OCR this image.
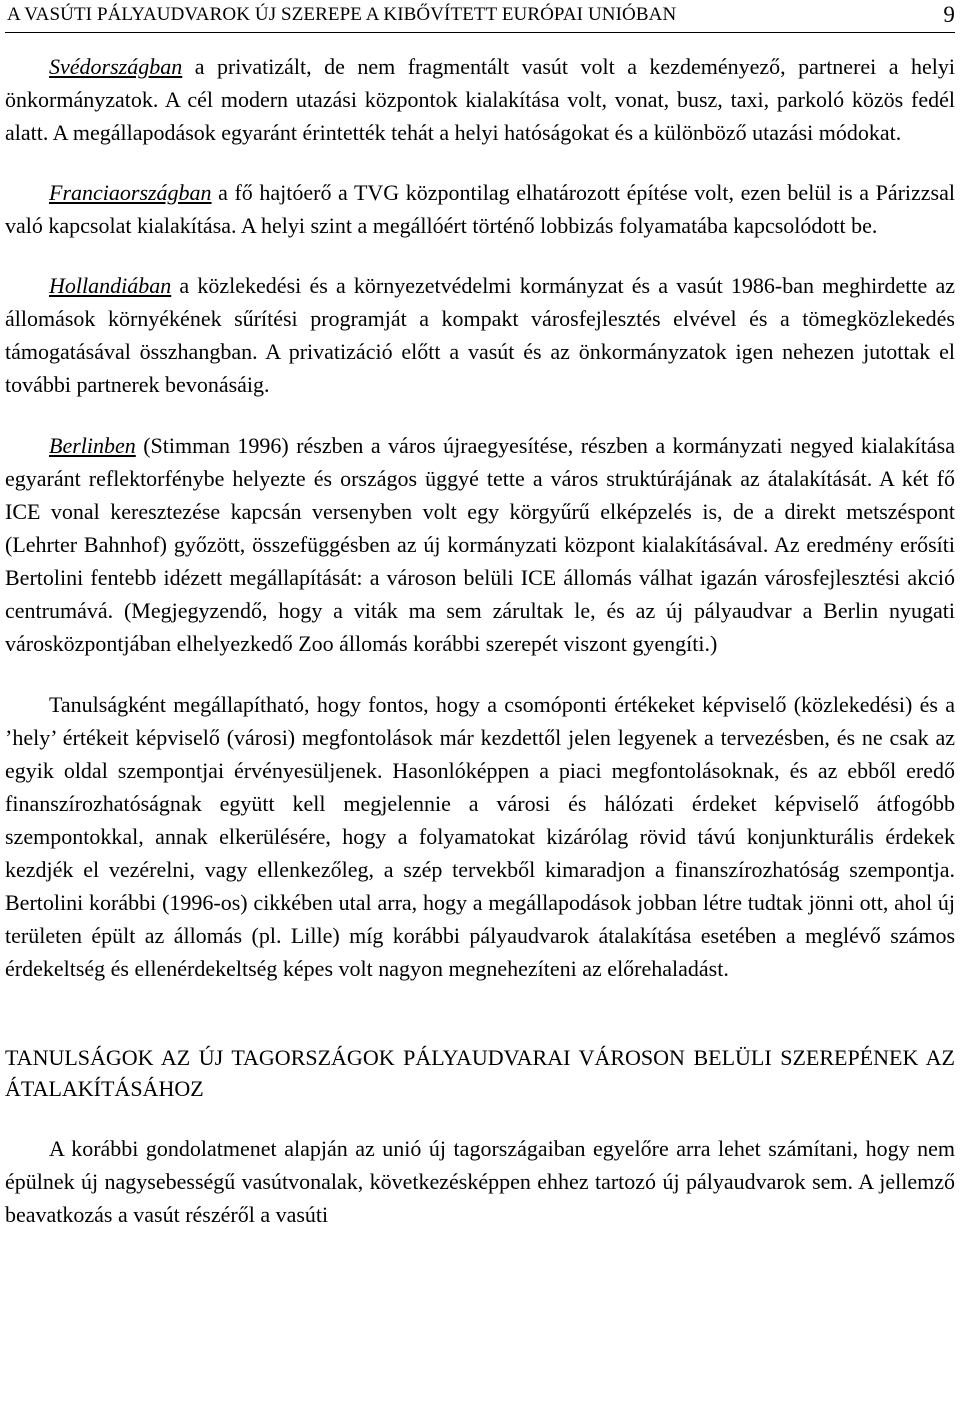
A VASÚTI PÁLYAUDVAROK ÚJ SZEREPE A KIBŐVÍTETT EURÓPAI UNIÓBAN	9

Svédországban a privatizált, de nem fragmentált vasút volt a kezdeményező, partnerei a helyi önkormányzatok. A cél modern utazási központok kialakítása volt, vonat, busz, taxi, parkoló közös fedél alatt. A megállapodások egyaránt érintették tehát a helyi hatóságokat és a különböző utazási módokat.

Franciaországban a fő hajtóerő a TVG központilag elhatározott építése volt, ezen belül is a Párizzsal való kapcsolat kialakítása. A helyi szint a megállóért történő lobbizás folyamatába kapcsolódott be.

Hollandiában a közlekedési és a környezetvédelmi kormányzat és a vasút 1986-ban meghirdette az állomások környékének sűrítési programját a kompakt városfejlesztés elvével és a tömegközlekedés támogatásával összhangban. A privatizáció előtt a vasút és az önkormányzatok igen nehezen jutottak el további partnerek bevonásáig.

Berlinben (Stimman 1996) részben a város újraegyesítése, részben a kormányzati negyed kialakítása egyaránt reflektorfénybe helyezte és országos üggyé tette a város struktúrájának az átalakítását. A két fő ICE vonal keresztezése kapcsán versenyben volt egy körgyűrű elképzelés is, de a direkt metszéspont (Lehrter Bahnhof) győzött, összefüggésben az új kormányzati központ kialakításával. Az eredmény erősíti Bertolini fentebb idézett megállapítását: a városon belüli ICE állomás válhat igazán városfejlesztési akció centrumává. (Megjegyzendő, hogy a viták ma sem zárultak le, és az új pályaudvar a Berlin nyugati városközpontjában elhelyezkedő Zoo állomás korábbi szerepét viszont gyengíti.)

Tanulságként megállapítható, hogy fontos, hogy a csomóponti értékeket képviselő (közlekedési) és a ’hely’ értékeit képviselő (városi) megfontolások már kezdettől jelen legyenek a tervezésben, és ne csak az egyik oldal szempontjai érvényesüljenek. Hasonlóképpen a piaci megfontolásoknak, és az ebből eredő finanszírozhatóságnak együtt kell megjelennie a városi és hálózati érdeket képviselő átfogóbb szempontokkal, annak elkerülésére, hogy a folyamatokat kizárólag rövid távú konjunkturális érdekek kezdjék el vezérelni, vagy ellenkezőleg, a szép tervekből kimaradjon a finanszírozhatóság szempontja. Bertolini korábbi (1996-os) cikkében utal arra, hogy a megállapodások jobban létre tudtak jönni ott, ahol új területen épült az állomás (pl. Lille) míg korábbi pályaudvarok átalakítása esetében a meglévő számos érdekeltség és ellenérdekeltség képes volt nagyon megnehezíteni az előrehaladást.

TANULSÁGOK AZ ÚJ TAGORSZÁGOK PÁLYAUDVARAI VÁROSON BELÜLI SZEREPÉNEK AZ ÁTALAKÍTÁSÁHOZ

A korábbi gondolatmenet alapján az unió új tagországaiban egyelőre arra lehet számítani, hogy nem épülnek új nagysebességű vasútvonalak, következésképpen ehhez tartozó új pályaudvarok sem. A jellemző beavatkozás a vasút részéről a vasúti
